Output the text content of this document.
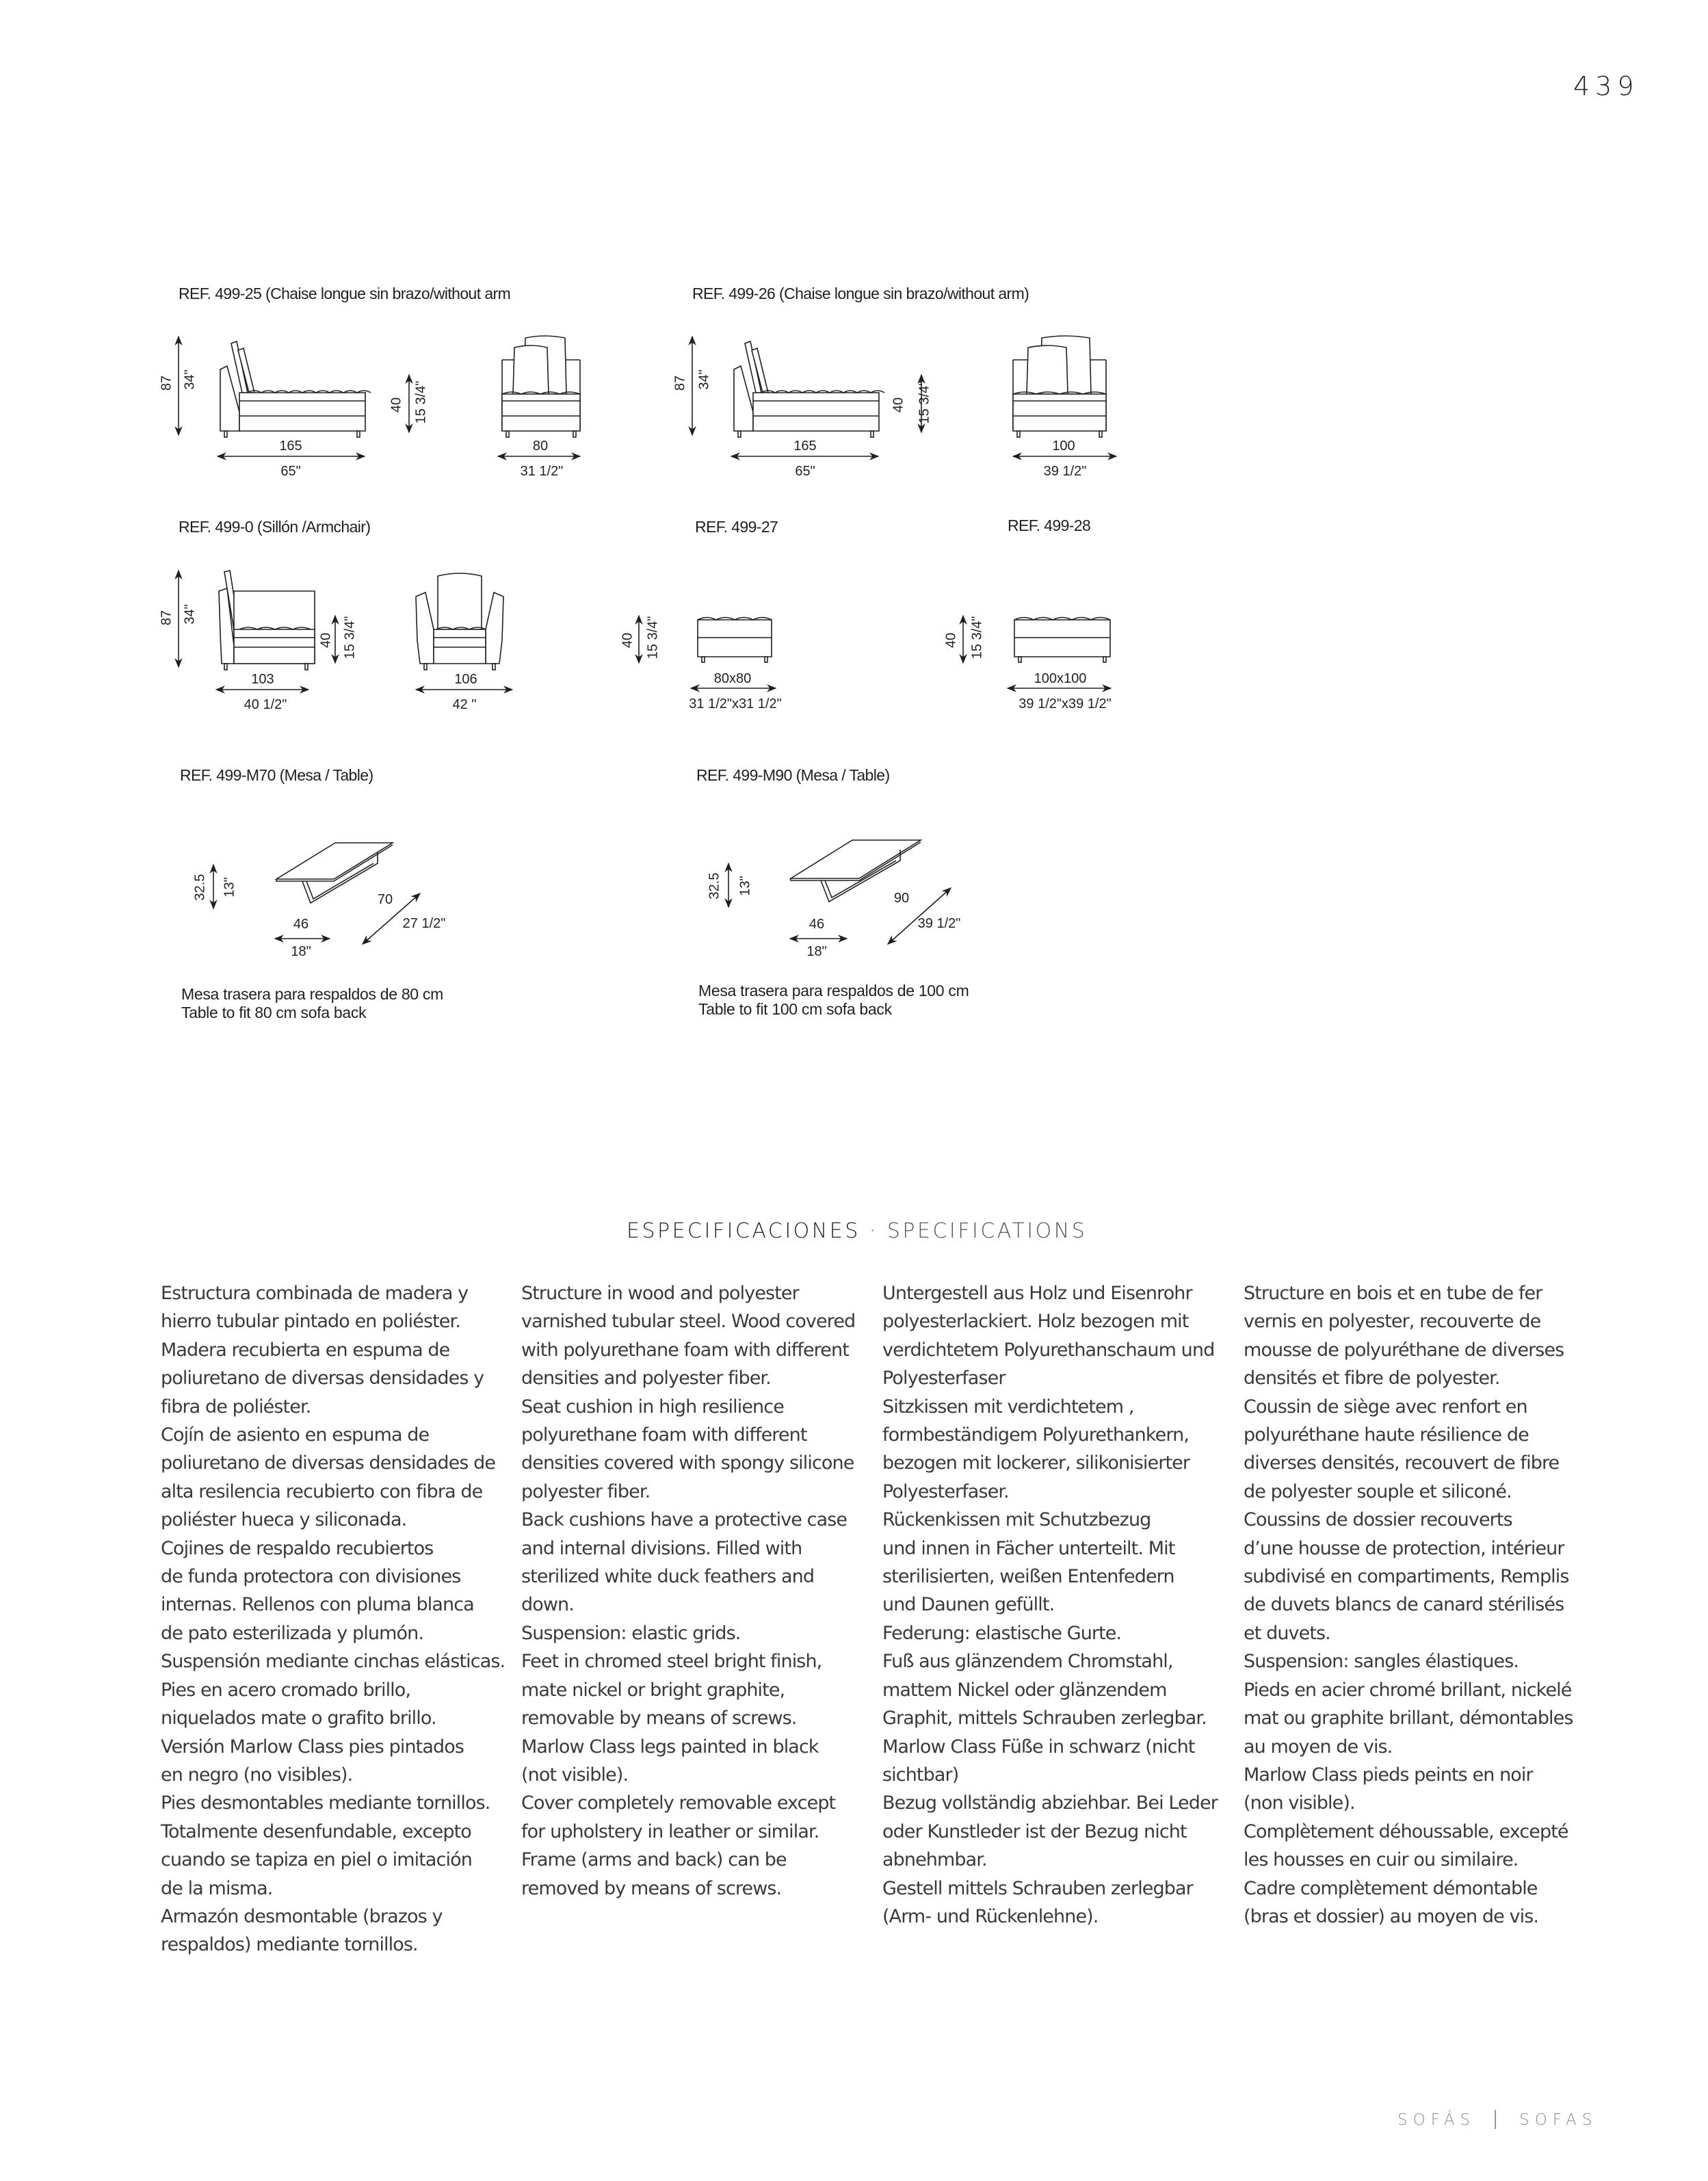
439
REF. 499-25 (Chaise longue sin brazo/without arm
87 34"
40 15 3/4"
165
65"
80
31 1/2"
REF. 499-26 (Chaise longue sin brazo/without arm)
87 34"
40 15 3/4"
165
65"
100
39 1/2"
REF. 499-0 (Sillón /Armchair)
87 34"
40 15 3/4"
103
40 1/2"
106
42 "
REF. 499-27
40 15 3/4"
80x80
31 1/2"x31 1/2"
REF. 499-28
40 15 3/4"
100x100
39 1/2"x39 1/2"
REF. 499-M70 (Mesa / Table)
32.5 13"
70
27 1/2"
46
18"
Mesa trasera para respaldos de 80 cm
Table to fit 80 cm sofa back
REF. 499-M90 (Mesa / Table)
32.5 13"
90
39 1/2"
46
18"
Mesa trasera para respaldos de 100 cm
Table to fit 100 cm sofa back
ESPECIFICACIONES · SPECIFICATIONS
Estructura combinada de madera y
hierro tubular pintado en poliéster.
Madera recubierta en espuma de
poliuretano de diversas densidades y
fibra de poliéster.
Cojín de asiento en espuma de
poliuretano de diversas densidades de
alta resilencia recubierto con fibra de
poliéster hueca y siliconada.
Cojines de respaldo recubiertos
de funda protectora con divisiones
internas. Rellenos con pluma blanca
de pato esterilizada y plumón.
Suspensión mediante cinchas elásticas.
Pies en acero cromado brillo,
niquelados mate o grafito brillo.
Versión Marlow Class pies pintados
en negro (no visibles).
Pies desmontables mediante tornillos.
Totalmente desenfundable, excepto
cuando se tapiza en piel o imitación
de la misma.
Armazón desmontable (brazos y
respaldos) mediante tornillos.
Structure in wood and polyester
varnished tubular steel. Wood covered
with polyurethane foam with different
densities and polyester fiber.
Seat cushion in high resilience
polyurethane foam with different
densities covered with spongy silicone
polyester fiber.
Back cushions have a protective case
and internal divisions. Filled with
sterilized white duck feathers and
down.
Suspension: elastic grids.
Feet in chromed steel bright finish,
mate nickel or bright graphite,
removable by means of screws.
Marlow Class legs painted in black
(not visible).
Cover completely removable except
for upholstery in leather or similar.
Frame (arms and back) can be
removed by means of screws.
Untergestell aus Holz und Eisenrohr
polyesterlackiert. Holz bezogen mit
verdichtetem Polyurethanschaum und
Polyesterfaser
Sitzkissen mit verdichtetem ,
formbeständigem Polyurethankern,
bezogen mit lockerer, silikonisierter
Polyesterfaser.
Rückenkissen mit Schutzbezug
und innen in Fächer unterteilt. Mit
sterilisierten, weißen Entenfedern
und Daunen gefüllt.
Federung: elastische Gurte.
Fuß aus glänzendem Chromstahl,
mattem Nickel oder glänzendem
Graphit, mittels Schrauben zerlegbar.
Marlow Class Füße in schwarz (nicht
sichtbar)
Bezug vollständig abziehbar. Bei Leder
oder Kunstleder ist der Bezug nicht
abnehmbar.
Gestell mittels Schrauben zerlegbar
(Arm- und Rückenlehne).
Structure en bois et en tube de fer
vernis en polyester, recouverte de
mousse de polyuréthane de diverses
densités et fibre de polyester.
Coussin de siège avec renfort en
polyuréthane haute résilience de
diverses densités, recouvert de fibre
de polyester souple et siliconé.
Coussins de dossier recouverts
d’une housse de protection, intérieur
subdivisé en compartiments, Remplis
de duvets blancs de canard stérilisés
et duvets.
Suspension: sangles élastiques.
Pieds en acier chromé brillant, nickelé
mat ou graphite brillant, démontables
au moyen de vis.
Marlow Class pieds peints en noir
(non visible).
Complètement déhoussable, excepté
les housses en cuir ou similaire.
Cadre complètement démontable
(bras et dossier) au moyen de vis.
SOFÁS	SOFAS
